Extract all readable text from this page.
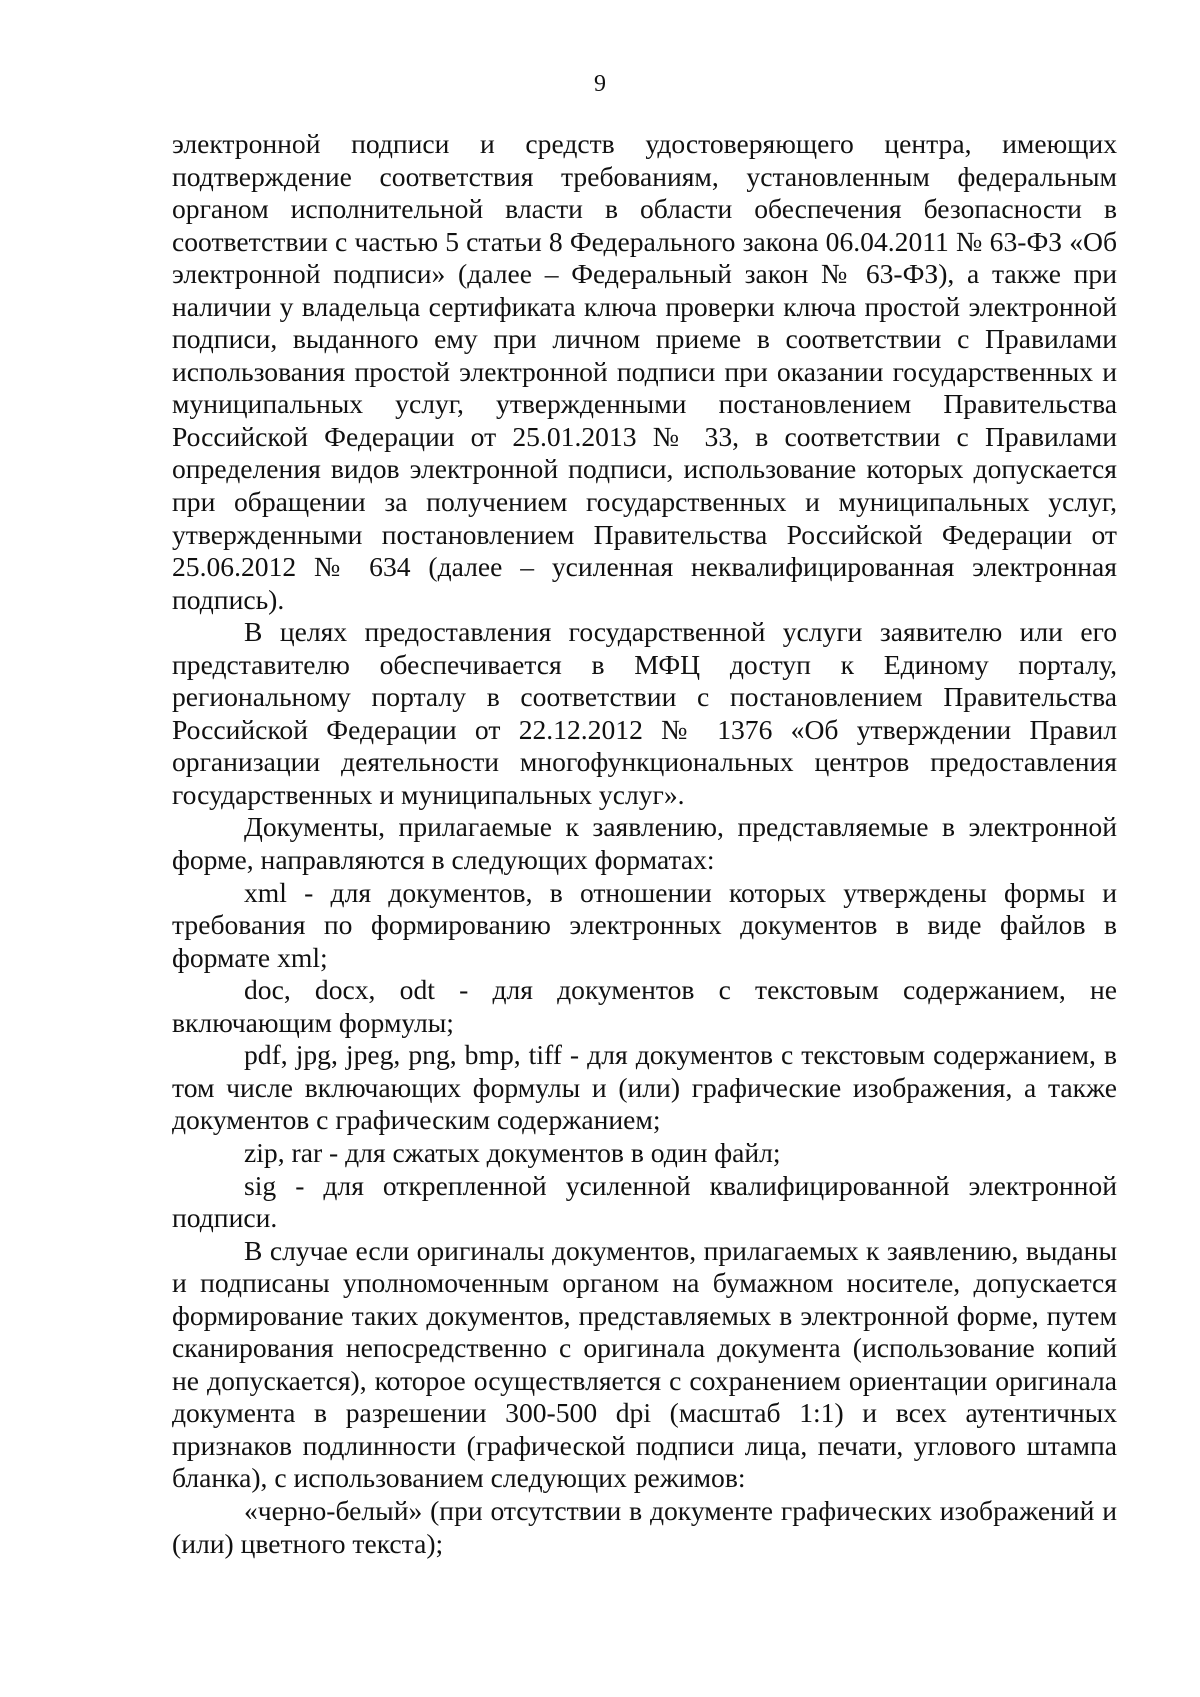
9

электронной подписи и средств удостоверяющего центра, имеющих подтверждение соответствия требованиям, установленным федеральным органом исполнительной власти в области обеспечения безопасности в соответствии с частью 5 статьи 8 Федерального закона 06.04.2011 № 63-ФЗ «Об электронной подписи» (далее – Федеральный закон № 63-ФЗ), а также при наличии у владельца сертификата ключа проверки ключа простой электронной подписи, выданного ему при личном приеме в соответствии с Правилами использования простой электронной подписи при оказании государственных и муниципальных услуг, утвержденными постановлением Правительства Российской Федерации от 25.01.2013 № 33, в соответствии с Правилами определения видов электронной подписи, использование которых допускается при обращении за получением государственных и муниципальных услуг, утвержденными постановлением Правительства Российской Федерации от 25.06.2012 № 634 (далее – усиленная неквалифицированная электронная подпись).

В целях предоставления государственной услуги заявителю или его представителю обеспечивается в МФЦ доступ к Единому порталу, региональному порталу в соответствии с постановлением Правительства Российской Федерации от 22.12.2012 № 1376 «Об утверждении Правил организации деятельности многофункциональных центров предоставления государственных и муниципальных услуг».

Документы, прилагаемые к заявлению, представляемые в электронной форме, направляются в следующих форматах:

xml - для документов, в отношении которых утверждены формы и требования по формированию электронных документов в виде файлов в формате xml;

doc, docx, odt - для документов с текстовым содержанием, не включающим формулы;

pdf, jpg, jpeg, png, bmp, tiff - для документов с текстовым содержанием, в том числе включающих формулы и (или) графические изображения, а также документов с графическим содержанием;

zip, rar - для сжатых документов в один файл;

sig - для открепленной усиленной квалифицированной электронной подписи.

В случае если оригиналы документов, прилагаемых к заявлению, выданы и подписаны уполномоченным органом на бумажном носителе, допускается формирование таких документов, представляемых в электронной форме, путем сканирования непосредственно с оригинала документа (использование копий не допускается), которое осуществляется с сохранением ориентации оригинала документа в разрешении 300-500 dpi (масштаб 1:1) и всех аутентичных признаков подлинности (графической подписи лица, печати, углового штампа бланка), с использованием следующих режимов:

«черно-белый» (при отсутствии в документе графических изображений и (или) цветного текста);
